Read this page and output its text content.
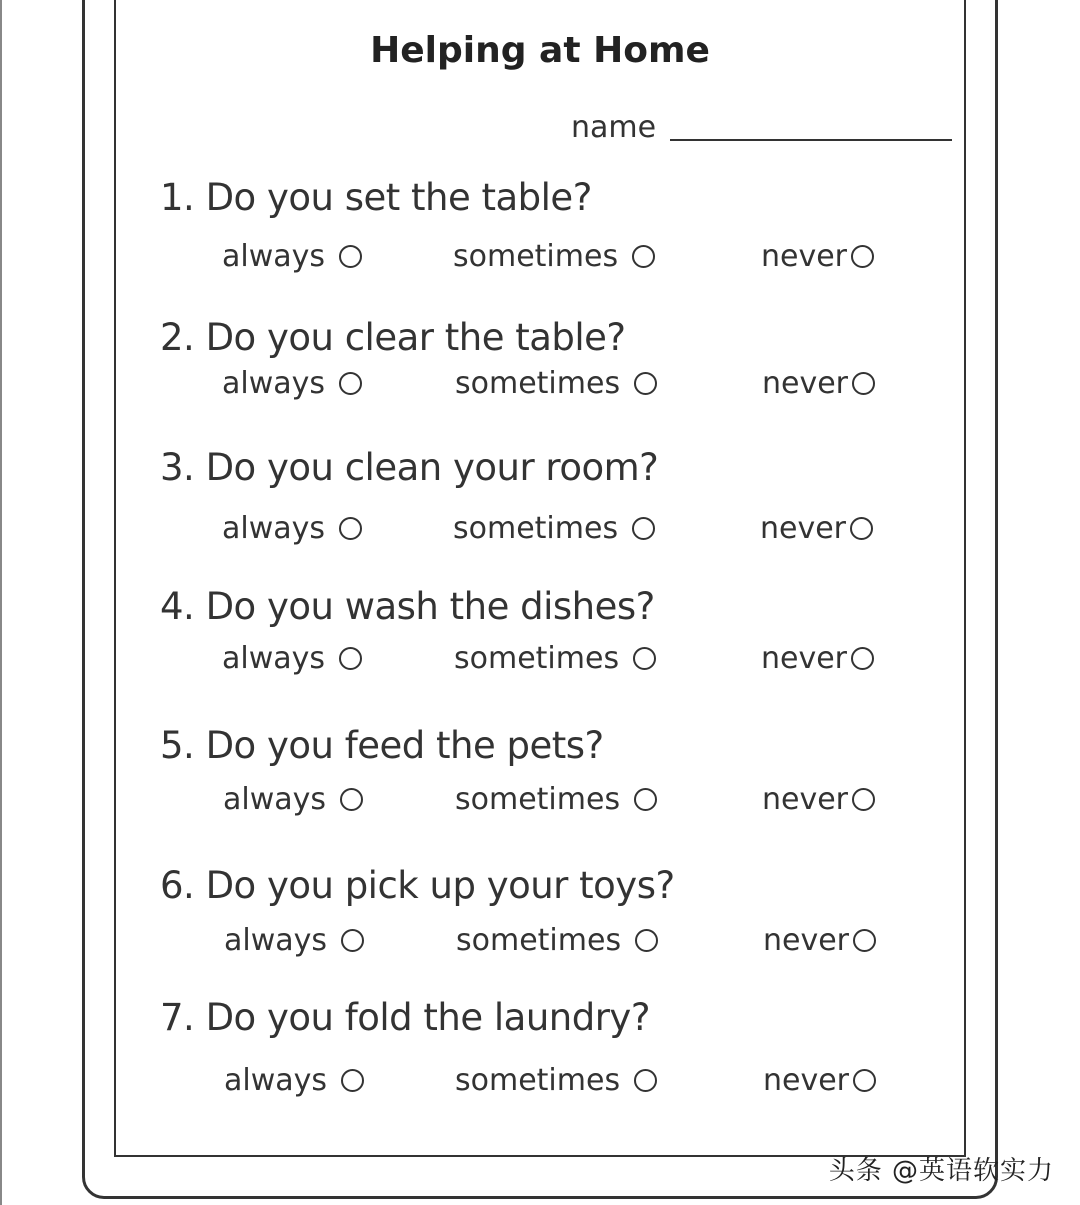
Helping at Home
name
1. Do you set the table?
always	sometimes	never
2. Do you clear the table?
always	sometimes	never
3. Do you clean your room?
always	sometimes	never
4. Do you wash the dishes?
always	sometimes	never
5. Do you feed the pets?
always	sometimes	never
6. Do you pick up your toys?
always	sometimes	never
7. Do you fold the laundry?
always	sometimes	never
头条 @英语软实力
